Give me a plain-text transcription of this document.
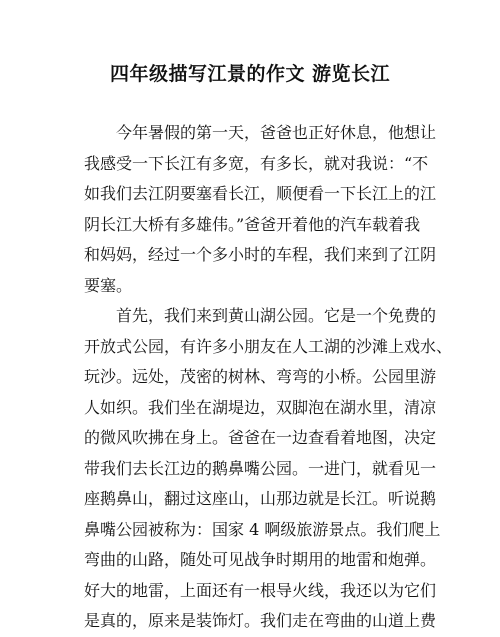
四年级描写江景的作文 游览长江
今年暑假的第一天，爸爸也正好休息，他想让
我感受一下长江有多宽，有多长，就对我说：“不
如我们去江阴要塞看长江，顺便看一下长江上的江
阴长江大桥有多雄伟。”爸爸开着他的汽车载着我
和妈妈，经过一个多小时的车程，我们来到了江阴
要塞。
首先，我们来到黄山湖公园。它是一个免费的
开放式公园，有许多小朋友在人工湖的沙滩上戏水、
玩沙。远处，茂密的树林、弯弯的小桥。公园里游
人如织。我们坐在湖堤边，双脚泡在湖水里，清凉
的微风吹拂在身上。爸爸在一边查看着地图，决定
带我们去长江边的鹅鼻嘴公园。一进门，就看见一
座鹅鼻山，翻过这座山，山那边就是长江。听说鹅
鼻嘴公园被称为：国家 4 啊级旅游景点。我们爬上
弯曲的山路，随处可见战争时期用的地雷和炮弹。
好大的地雷，上面还有一根导火线，我还以为它们
是真的，原来是装饰灯。我们走在弯曲的山道上费
